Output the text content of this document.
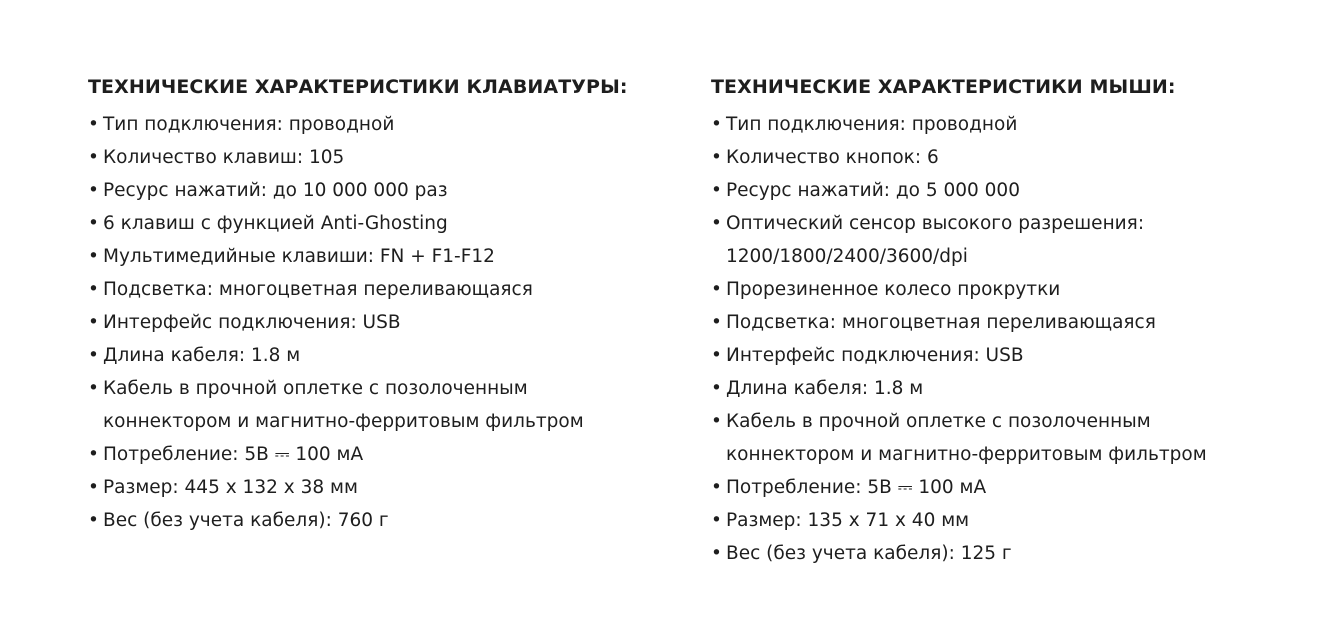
ТЕХНИЧЕСКИЕ ХАРАКТЕРИСТИКИ КЛАВИАТУРЫ:
• Тип подключения: проводной
• Количество клавиш: 105
• Ресурс нажатий: до 10 000 000 раз
• 6 клавиш с функцией Anti-Ghosting
• Мультимедийные клавиши: FN + F1-F12
• Подсветка: многоцветная переливающаяся
• Интерфейс подключения: USB
• Длина кабеля: 1.8 м
• Кабель в прочной оплетке с позолоченным
коннектором и магнитно-ферритовым фильтром
• Потребление: 5В ⎓ 100 мА
• Размер: 445 x 132 x 38 мм
• Вес (без учета кабеля): 760 г
ТЕХНИЧЕСКИЕ ХАРАКТЕРИСТИКИ МЫШИ:
• Тип подключения: проводной
• Количество кнопок: 6
• Ресурс нажатий: до 5 000 000
• Оптический сенсор высокого разрешения:
1200/1800/2400/3600/dpi
• Прорезиненное колесо прокрутки
• Подсветка: многоцветная переливающаяся
• Интерфейс подключения: USB
• Длина кабеля: 1.8 м
• Кабель в прочной оплетке с позолоченным
коннектором и магнитно-ферритовым фильтром
• Потребление: 5В ⎓ 100 мА
• Размер: 135 x 71 x 40 мм
• Вес (без учета кабеля): 125 г
